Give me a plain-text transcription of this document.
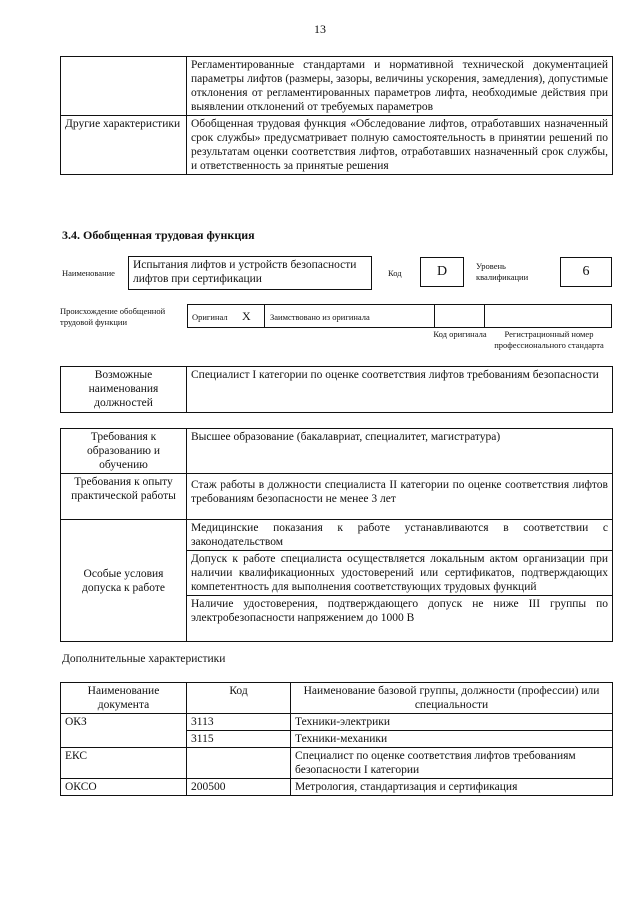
13
	Регламентированные стандартами и нормативной технической документацией параметры лифтов (размеры, зазоры, величины ускорения, замедления), допустимые отклонения от регламентированных параметров лифта, необходимые действия при выявлении отклонений от требуемых параметров
Другие характеристики	Обобщенная трудовая функция «Обследование лифтов, отработавших назначенный срок службы» предусматривает полную самостоятельность в принятии решений по результатам оценки соответствия лифтов, отработавших назначенный срок службы, и ответственность за принятые решения
3.4. Обобщенная трудовая функция
Наименование
Испытания лифтов и устройств безопасности лифтов при сертификации	Код	D	Уровень квалификации	6
Происхождение обобщенной трудовой функции	Оригинал X Заимствовано из оригинала
Код оригинала	Регистрационный номер профессионального стандарта
Возможные наименования должностей	Специалист I категории по оценке соответствия лифтов требованиям безопасности
Требования к образованию и обучению	Высшее образование (бакалавриат, специалитет, магистратура)
Требования к опыту практической работы	Стаж работы в должности специалиста II категории по оценке соответствия лифтов требованиям безопасности не менее 3 лет
Особые условия допуска к работе	Медицинские показания к работе устанавливаются в соответствии с законодательством
Допуск к работе специалиста осуществляется локальным актом организации при наличии квалификационных удостоверений или сертификатов, подтверждающих компетентность для выполнения соответствующих трудовых функций
Наличие удостоверения, подтверждающего допуск не ниже III группы по электробезопасности напряжением до 1000 В
Дополнительные характеристики
Наименование документа	Код	Наименование базовой группы, должности (профессии) или специальности
ОКЗ	3113	Техники-электрики
	3115	Техники-механики
ЕКС		Специалист по оценке соответствия лифтов требованиям безопасности I категории
ОКСО	200500	Метрология, стандартизация и сертификация
